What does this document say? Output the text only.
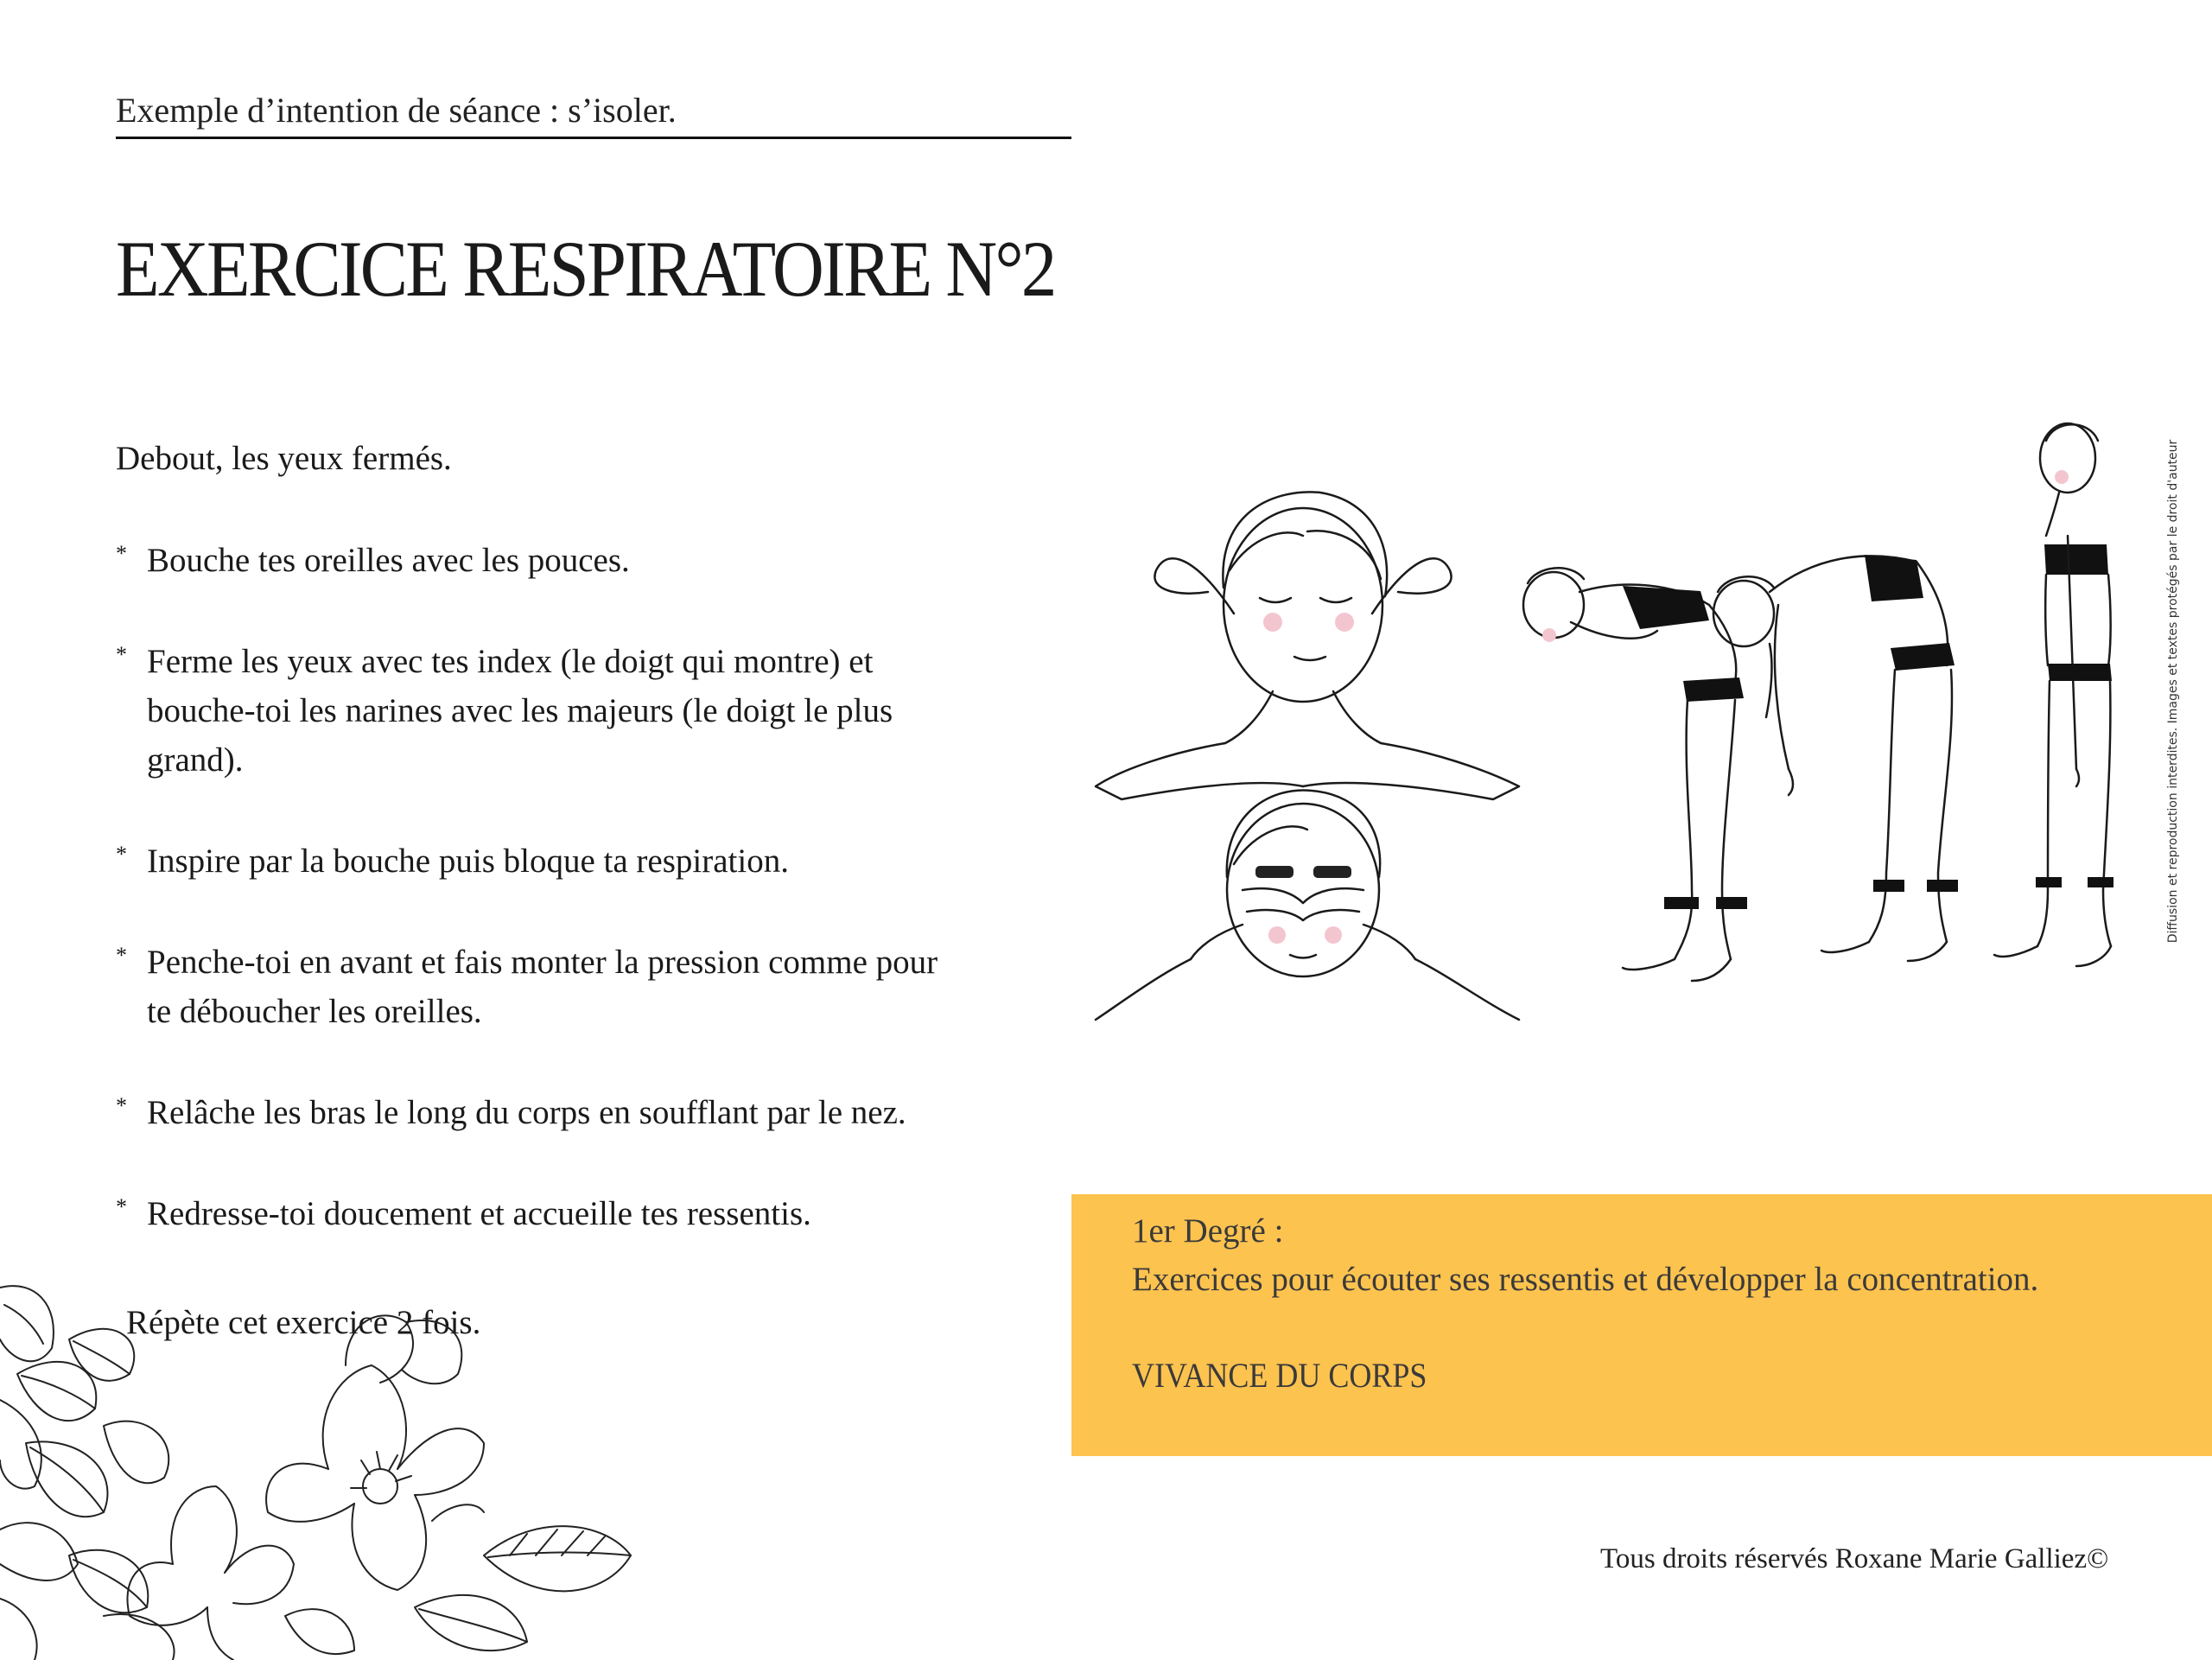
Exemple d’intention de séance : s’isoler.
EXERCICE RESPIRATOIRE N°2
Debout, les yeux fermés.
* Bouche tes oreilles avec les pouces.
* Ferme les yeux avec tes index (le doigt qui montre) et
bouche-toi les narines avec les majeurs (le doigt le plus
grand).
* Inspire par la bouche puis bloque ta respiration.
* Penche-toi en avant et fais monter la pression comme pour
te déboucher les oreilles.
* Relâche les bras le long du corps en soufflant par le nez.
* Redresse-toi doucement et accueille tes ressentis.
Répète cet exercice 2 fois.
Diffusion et reproduction interdites. Images et textes protégés par le droit d'auteur
1er Degré :
Exercices pour écouter ses ressentis et développer la concentration.
VIVANCE DU CORPS
Tous droits réservés Roxane Marie Galliez©
